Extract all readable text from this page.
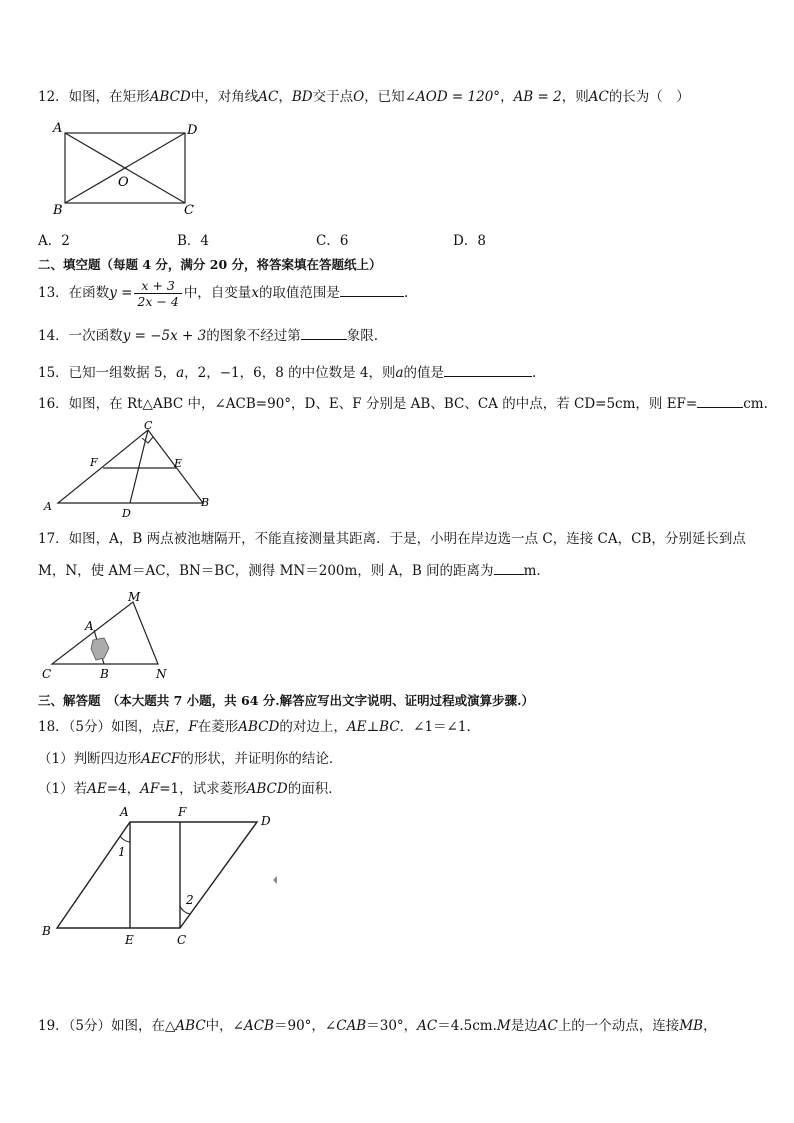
12．如图，在矩形ABCD中，对角线AC，BD交于点O，已知∠AOD = 120°，AB = 2，则AC的长为（　）
A	D
B	C
O
A．2	B．4	C．6	D．8
二、填空题（每题 4 分，满分 20 分，将答案填在答题纸上）
13．在函数$y = \frac{x + 3}{2x - 4}$ 中，自变量x的取值范围是	.
14．一次函数y = −5x + 3的图象不经过第	象限.
15．已知一组数据 5，a，2，−1，6，8 的中位数是 4，则a的值是	.
16．如图，在 Rt△ABC 中，∠ACB=90°，D、E、F 分别是 AB、BC、CA 的中点，若 CD=5cm，则 EF=	cm.
C
F	E
A	B
D
17．如图，A，B 两点被池塘隔开，不能直接测量其距离．于是，小明在岸边选一点 C，连接 CA，CB，分别延长到点
M，N，使 AM＝AC，BN＝BC，测得 MN＝200m，则 A，B 间的距离为 m.
M
A
C	B	N
三、解答题　（本大题共 7 小题，共 64 分.解答应写出文字说明、证明过程或演算步骤.）
18．（5分）如图，点E，F在菱形ABCD的对边上，AE⊥BC．∠1＝∠1．
（1）判断四边形AECF的形状，并证明你的结论．
（1）若AE=4，AF=1，试求菱形ABCD的面积．
A	F
D
B
E	C
1
2
19．（5分）如图，在△ABC中，∠ACB＝90°，∠CAB＝30°，AC＝4.5cm.M是边AC上的一个动点，连接MB，
